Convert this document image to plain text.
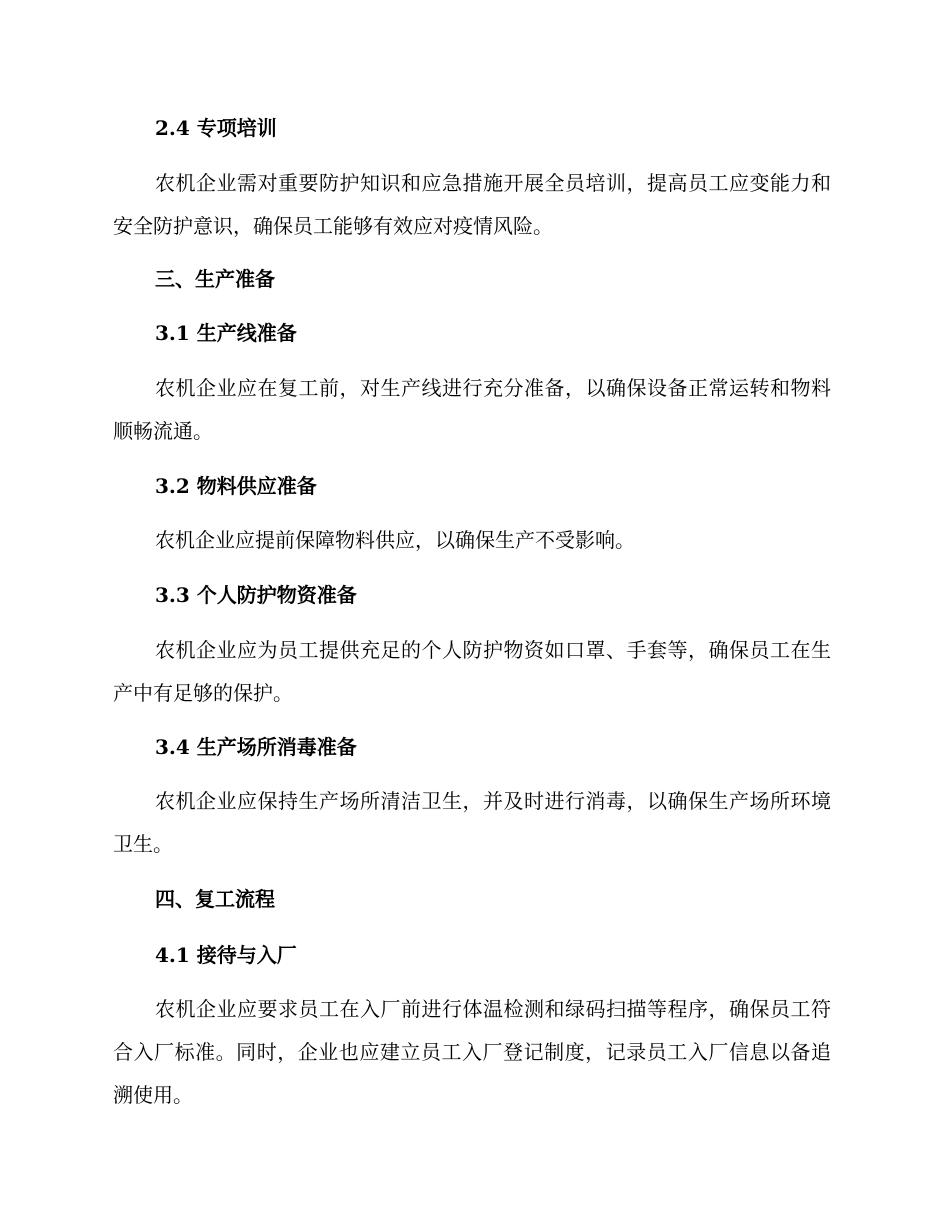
2.4 专项培训

农机企业需对重要防护知识和应急措施开展全员培训，提高员工应变能力和安全防护意识，确保员工能够有效应对疫情风险。

三、生产准备
3.1 生产线准备

农机企业应在复工前，对生产线进行充分准备，以确保设备正常运转和物料顺畅流通。

3.2 物料供应准备

农机企业应提前保障物料供应，以确保生产不受影响。

3.3 个人防护物资准备

农机企业应为员工提供充足的个人防护物资如口罩、手套等，确保员工在生产中有足够的保护。

3.4 生产场所消毒准备

农机企业应保持生产场所清洁卫生，并及时进行消毒，以确保生产场所环境卫生。

四、复工流程
4.1 接待与入厂

农机企业应要求员工在入厂前进行体温检测和绿码扫描等程序，确保员工符合入厂标准。同时，企业也应建立员工入厂登记制度，记录员工入厂信息以备追溯使用。
